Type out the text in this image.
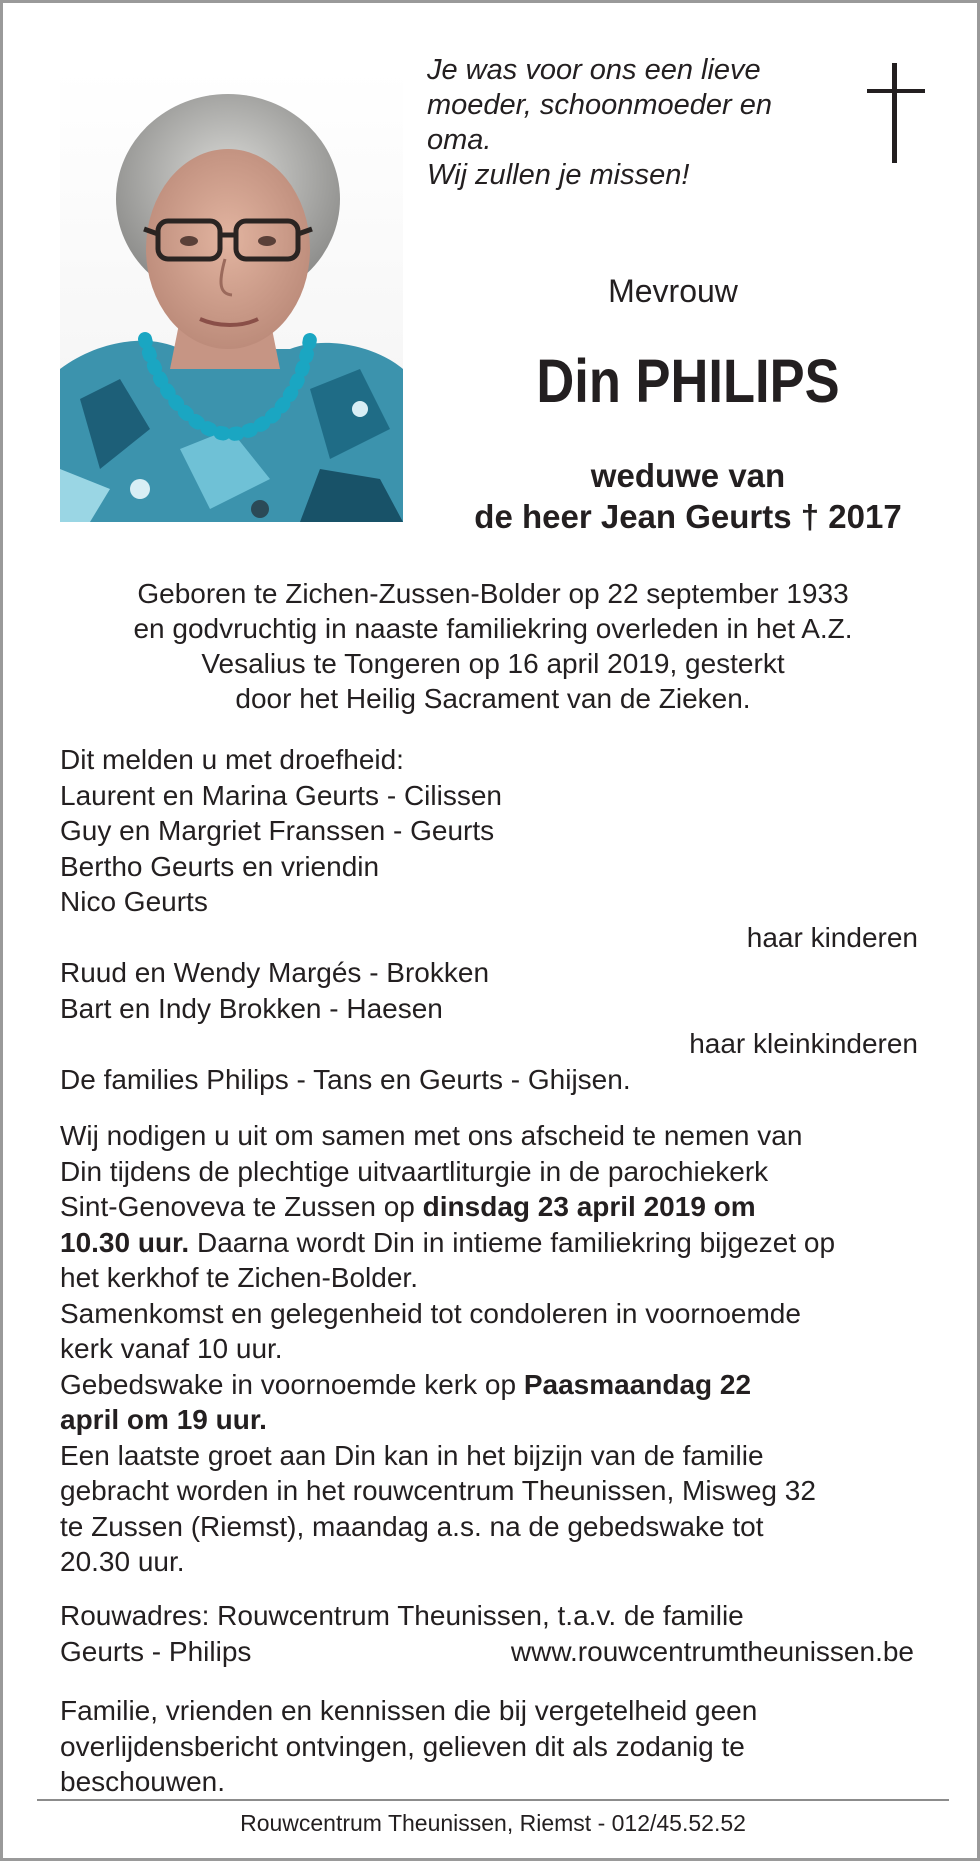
Je was voor ons een lieve
moeder, schoonmoeder en
oma.
Wij zullen je missen!
Mevrouw
Din PHILIPS
weduwe van
de heer Jean Geurts † 2017
Geboren te Zichen-Zussen-Bolder op 22 september 1933
en godvruchtig in naaste familiekring overleden in het A.Z.
Vesalius te Tongeren op 16 april 2019, gesterkt
door het Heilig Sacrament van de Zieken.
Dit melden u met droefheid:
Laurent en Marina Geurts - Cilissen
Guy en Margriet Franssen - Geurts
Bertho Geurts en vriendin
Nico Geurts
haar kinderen
Ruud en Wendy Margés - Brokken
Bart en Indy Brokken - Haesen
haar kleinkinderen
De families Philips - Tans en Geurts - Ghijsen.
Wij nodigen u uit om samen met ons afscheid te nemen van
Din tijdens de plechtige uitvaartliturgie in de parochiekerk
Sint-Genoveva te Zussen op dinsdag 23 april 2019 om
10.30 uur. Daarna wordt Din in intieme familiekring bijgezet op
het kerkhof te Zichen-Bolder.
Samenkomst en gelegenheid tot condoleren in voornoemde
kerk vanaf 10 uur.
Gebedswake in voornoemde kerk op Paasmaandag 22
april om 19 uur.
Een laatste groet aan Din kan in het bijzijn van de familie
gebracht worden in het rouwcentrum Theunissen, Misweg 32
te Zussen (Riemst), maandag a.s. na de gebedswake tot
20.30 uur.
Rouwadres: Rouwcentrum Theunissen, t.a.v. de familie
Geurts - Philips	www.rouwcentrumtheunissen.be
Familie, vrienden en kennissen die bij vergetelheid geen
overlijdensbericht ontvingen, gelieven dit als zodanig te
beschouwen.
Rouwcentrum Theunissen, Riemst - 012/45.52.52
